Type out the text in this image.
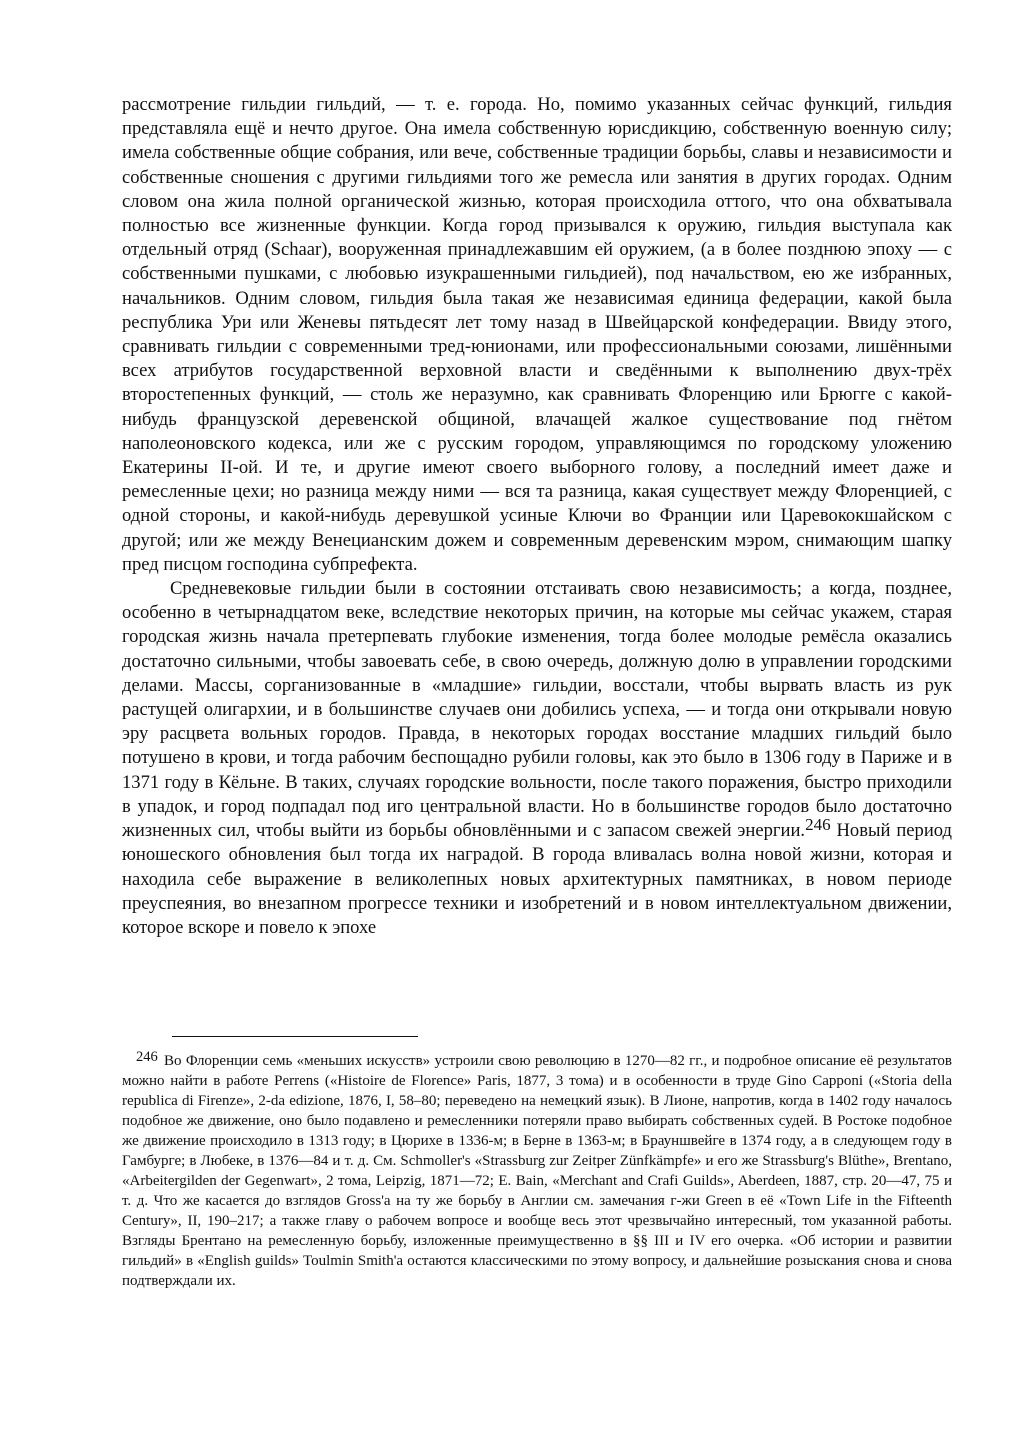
рассмотрение гильдии гильдий, — т. е. города. Но, помимо указанных сейчас функций, гильдия представляла ещё и нечто другое. Она имела собственную юрисдикцию, собственную военную силу; имела собственные общие собрания, или вече, собственные традиции борьбы, славы и независимости и собственные сношения с другими гильдиями того же ремесла или занятия в других городах. Одним словом она жила полной органической жизнью, которая происходила оттого, что она обхватывала полностью все жизненные функции. Когда город призывался к оружию, гильдия выступала как отдельный отряд (Schaar), вооруженная принадлежавшим ей оружием, (а в более позднюю эпоху — с собственными пушками, с любовью изукрашенными гильдией), под начальством, ею же избранных, начальников. Одним словом, гильдия была такая же независимая единица федерации, какой была республика Ури или Женевы пятьдесят лет тому назад в Швейцарской конфедерации. Ввиду этого, сравнивать гильдии с современными тред-юнионами, или профессиональными союзами, лишёнными всех атрибутов государственной верховной власти и сведёнными к выполнению двух-трёх второстепенных функций, — столь же неразумно, как сравнивать Флоренцию или Брюгге с какой-нибудь французской деревенской общиной, влачащей жалкое существование под гнётом наполеоновского кодекса, или же с русским городом, управляющимся по городскому уложению Екатерины II-ой. И те, и другие имеют своего выборного голову, а последний имеет даже и ремесленные цехи; но разница между ними — вся та разница, какая существует между Флоренцией, с одной стороны, и какой-нибудь деревушкой усиные Ключи во Франции или Царевококшайском с другой; или же между Венецианским дожем и современным деревенским мэром, снимающим шапку пред писцом господина субпрефекта.

Средневековые гильдии были в состоянии отстаивать свою независимость; а когда, позднее, особенно в четырнадцатом веке, вследствие некоторых причин, на которые мы сейчас укажем, старая городская жизнь начала претерпевать глубокие изменения, тогда более молодые ремёсла оказались достаточно сильными, чтобы завоевать себе, в свою очередь, должную долю в управлении городскими делами. Массы, сорганизованные в «младшие» гильдии, восстали, чтобы вырвать власть из рук растущей олигархии, и в большинстве случаев они добились успеха, — и тогда они открывали новую эру расцвета вольных городов. Правда, в некоторых городах восстание младших гильдий было потушено в крови, и тогда рабочим беспощадно рубили головы, как это было в 1306 году в Париже и в 1371 году в Кёльне. В таких, случаях городские вольности, после такого поражения, быстро приходили в упадок, и город подпадал под иго центральной власти. Но в большинстве городов было достаточно жизненных сил, чтобы выйти из борьбы обновлёнными и с запасом свежей энергии.246 Новый период юношеского обновления был тогда их наградой. В города вливалась волна новой жизни, которая и находила себе выражение в великолепных новых архитектурных памятниках, в новом периоде преуспеяния, во внезапном прогрессе техники и изобретений и в новом интеллектуальном движении, которое вскоре и повело к эпохе

246 Во Флоренции семь «меньших искусств» устроили свою революцию в 1270—82 гг., и подробное описание её результатов можно найти в работе Perrens («Histoire de Florence» Paris, 1877, 3 тома) и в особенности в труде Gino Capponi («Storia della republica di Firenze», 2-da edizione, 1876, I, 58–80; переведено на немецкий язык). В Лионе, напротив, когда в 1402 году началось подобное же движение, оно было подавлено и ремесленники потеряли право выбирать собственных судей. В Ростоке подобное же движение происходило в 1313 году; в Цюрихе в 1336-м; в Берне в 1363-м; в Брауншвейге в 1374 году, а в следующем году в Гамбурге; в Любеке, в 1376—84 и т. д. См. Schmoller's «Strassburg zur Zeitper Zünfkämpfe» и его же Strassburg's Blüthe», Brentano, «Arbeitergilden der Gegenwart», 2 тома, Leipzig, 1871—72; E. Bain, «Merchant and Crafi Guilds», Aberdeen, 1887, стр. 20—47, 75 и т. д. Что же касается до взглядов Gross'а на ту же борьбу в Англии см. замечания г-жи Green в её «Town Life in the Fifteenth Century», II, 190–217; а также главу о рабочем вопросе и вообще весь этот чрезвычайно интересный, том указанной работы. Взгляды Брентано на ремесленную борьбу, изложенные преимущественно в §§ III и IV его очерка. «Об истории и развитии гильдий» в «English guilds» Toulmin Smith'а остаются классическими по этому вопросу, и дальнейшие розыскания снова и снова подтверждали их.
